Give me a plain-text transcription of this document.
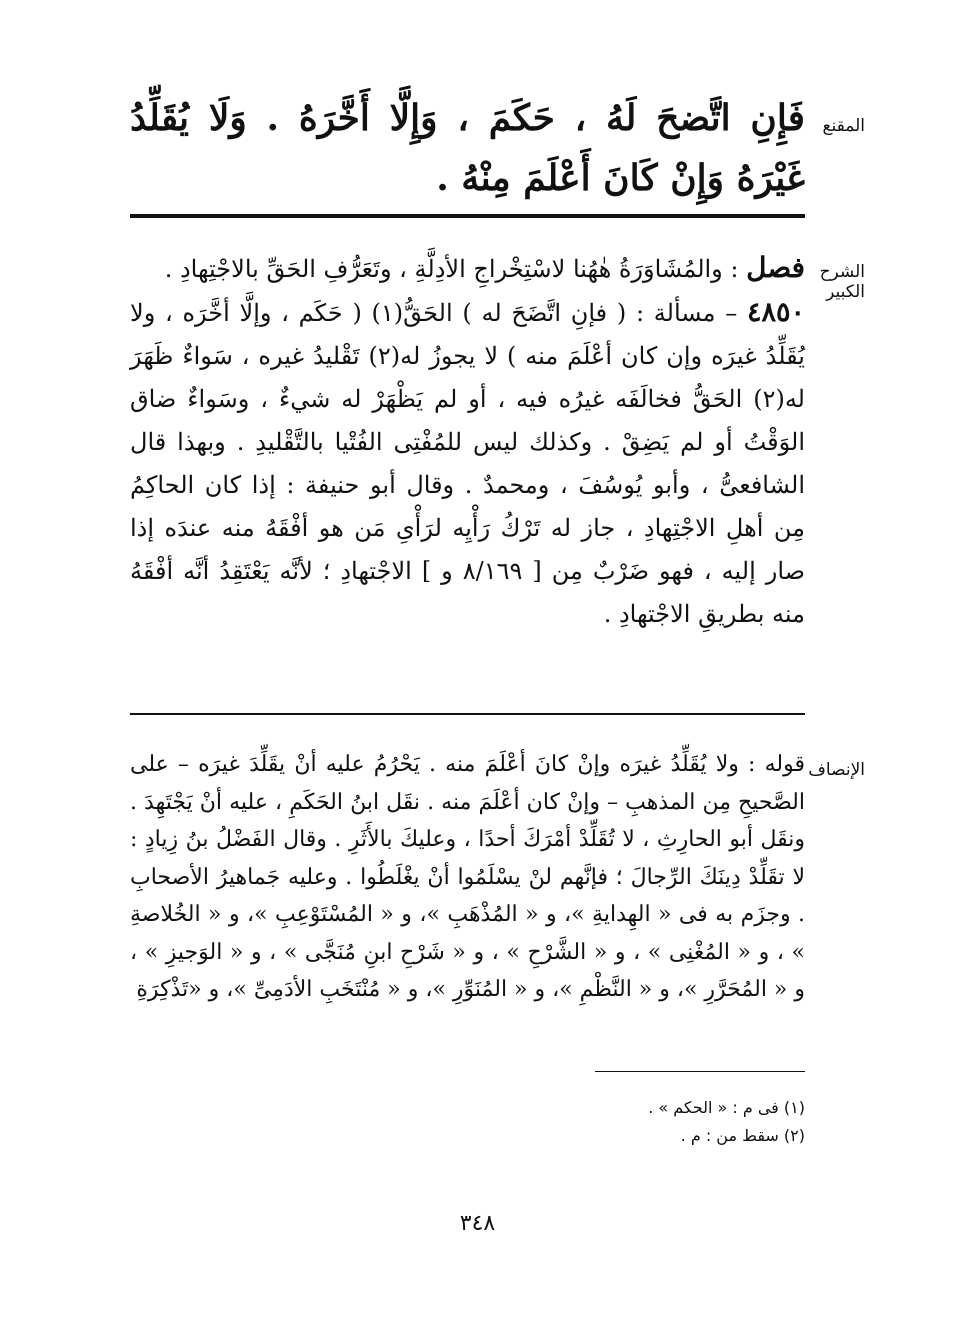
المقنع
فَإِنِ اتَّضحَ لَهُ ، حَكَمَ ، وَإِلَّا أَخَّرَهُ . وَلَا يُقَلِّدُ غَيْرَهُ وَإِنْ كَانَ أَعْلَمَ مِنْهُ .
الشرح الكبير

فصل : والمُشَاوَرَةُ هٰهُنا لاسْتِخْراجِ الأدِلَّةِ ، وتَعَرُّفِ الحَقِّ بالاجْتِهادِ .

٤٨٥٠ – مسألة : ( فإنِ اتَّضَحَ له ) الحَقُّ(١) ( حَكَم ، وإلَّا أخَّرَه ، ولا يُقَلِّدُ غيرَه وإن كان أعْلَمَ منه ) لا يجوزُ له(٢) تَقْليدُ غيره ، سَواءٌ ظَهَرَ له(٢) الحَقُّ فخالَفَه غيرُه فيه ، أو لم يَظْهَرْ له شيءٌ ، وسَواءٌ ضاق الوَقْتُ أو لم يَضِقْ . وكذلك ليس للمُفْتِى الفُتْيا بالتَّقْليدِ . وبهذا قال الشافعىُّ ، وأبو يُوسُفَ ، ومحمدٌ . وقال أبو حنيفة : إذا كان الحاكِمُ مِن أهلِ الاجْتِهادِ ، جاز له تَرْكُ رَأْيِه لرَأْىِ مَن هو أفْقَهُ منه عندَه إذا صار إليه ، فهو ضَرْبٌ مِن [ ٨/١٦٩ و ] الاجْتهادِ ؛ لأنَّه يَعْتَقِدُ أنَّه أفْقَهُ منه بطريقِ الاجْتهادِ .

الإنصاف
قوله : ولا يُقَلِّدُ غيرَه وإنْ كانَ أعْلَمَ منه . يَحْرُمُ عليه أنْ يقَلِّدَ غيرَه – على الصَّحيحِ مِن المذهبِ – وإنْ كان أعْلَمَ منه . نقَل ابنُ الحَكَمِ ، عليه أنْ يَجْتَهِدَ . ونقَل أبو الحارِثِ ، لا تُقَلِّدْ أمْرَكَ أحدًا ، وعليكَ بالأَثَرِ . وقال الفَضْلُ بنُ زِيادٍ : لا تقَلِّدْ دِينَكَ الرِّجالَ ؛ فإنَّهم لنْ يسْلَمُوا أنْ يغْلَطُوا . وعليه جَماهيرُ الأصحابِ . وجزَم به فى « الهِدايةِ »، و « المُذْهَبِ »، و « المُسْتَوْعِبِ »، و « الخُلاصةِ » ، و « المُغْنِى » ، و « الشَّرْحِ » ، و « شَرْحِ ابنِ مُنَجَّى » ، و « الوَجيزِ » ، و « المُحَرَّرِ »، و « النَّظْمِ »، و « المُنَوِّرِ »، و « مُنْتَخَبِ الأدَمِىِّ »، و «تَذْكِرَةِ
(١) فى م : « الحكم » .
(٢) سقط من : م .
٣٤٨
